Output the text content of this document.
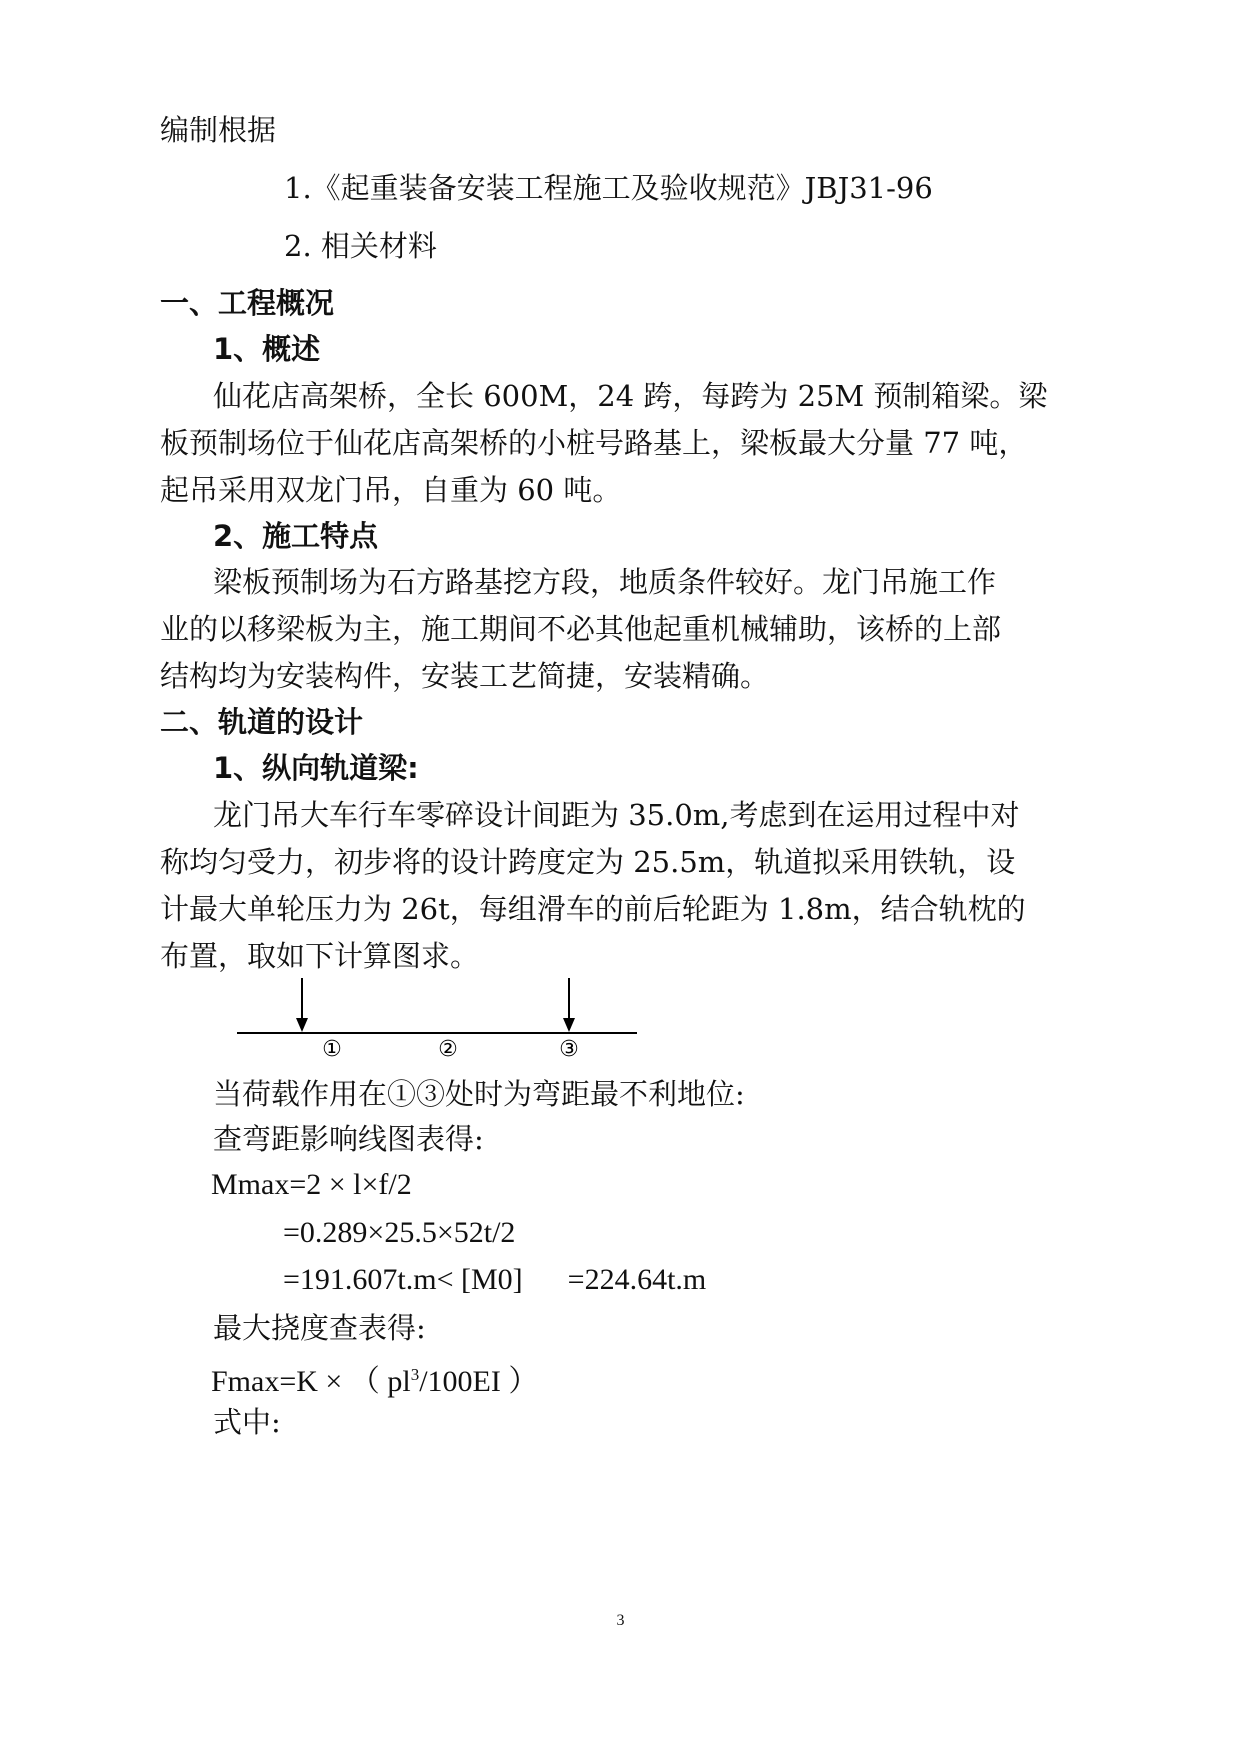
编制根据
1.《起重装备安装工程施工及验收规范》JBJ31-96
2. 相关材料
一、工程概况
1、概述
仙花店高架桥，全长 600M，24 跨，每跨为 25M 预制箱梁。梁
板预制场位于仙花店高架桥的小桩号路基上，梁板最大分量 77 吨，
起吊采用双龙门吊，自重为 60 吨。
2、施工特点
梁板预制场为石方路基挖方段，地质条件较好。龙门吊施工作
业的以移梁板为主，施工期间不必其他起重机械辅助，该桥的上部
结构均为安装构件，安装工艺简捷，安装精确。
二、轨道的设计
1、纵向轨道梁:
龙门吊大车行车零碎设计间距为 35.0m,考虑到在运用过程中对
称均匀受力，初步将的设计跨度定为 25.5m，轨道拟采用铁轨，设
计最大单轮压力为 26t，每组滑车的前后轮距为 1.8m，结合轨枕的
布置，取如下计算图求。
①	②	③
当荷载作用在①③处时为弯距最不利地位:
查弯距影响线图表得:
Mmax=2 × l×f/2
=0.289×25.5×52t/2
=191.607t.m< [M0]      =224.64t.m
最大挠度查表得:
Fmax=K × （ $pl^3/100EI$ ）
式中:
3
